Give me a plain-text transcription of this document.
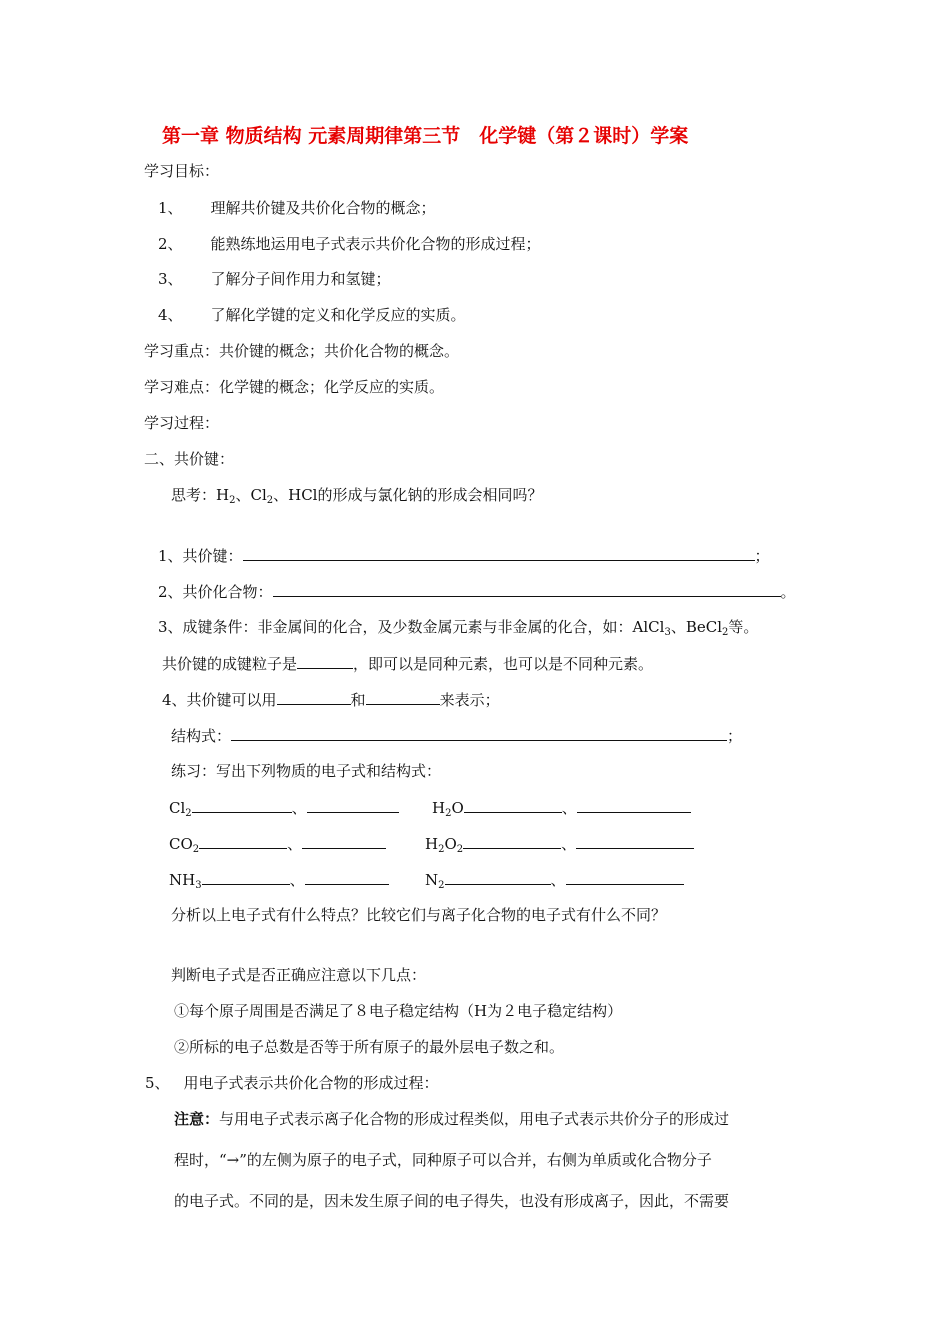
第一章 物质结构 元素周期律第三节　化学键（第２课时）学案
学习目标：
1、 理解共价键及共价化合物的概念；
2、 能熟练地运用电子式表示共价化合物的形成过程；
3、 了解分子间作用力和氢键；
4、 了解化学键的定义和化学反应的实质。
学习重点：共价键的概念；共价化合物的概念。
学习难点：化学键的概念；化学反应的实质。
学习过程：
二、共价键：
思考：$H_2$、$Cl_2$、HCl的形成与氯化钠的形成会相同吗？
1、共价键：	；
2、共价化合物：	。
3、成键条件：非金属间的化合，及少数金属元素与非金属的化合，如：AlCl$_3$、BeCl$_2$等。
共价键的成键粒子是	，即可以是同种元素，也可以是不同种元素。
4、共价键可以用	和	来表示；
结构式：	；
练习：写出下列物质的电子式和结构式：
$Cl_2$	、	$H_2O$	、
$CO_2$	、	$H_2O_2$	、
$NH_3$	、	$N_2$	、
分析以上电子式有什么特点？比较它们与离子化合物的电子式有什么不同？
判断电子式是否正确应注意以下几点：
①每个原子周围是否满足了８电子稳定结构（H为２电子稳定结构）
②所标的电子总数是否等于所有原子的最外层电子数之和。
5、 用电子式表示共价化合物的形成过程：
注意：与用电子式表示离子化合物的形成过程类似，用电子式表示共价分子的形成过
程时，“→”的左侧为原子的电子式，同种原子可以合并，右侧为单质或化合物分子
的电子式。不同的是，因未发生原子间的电子得失，也没有形成离子，因此，不需要
